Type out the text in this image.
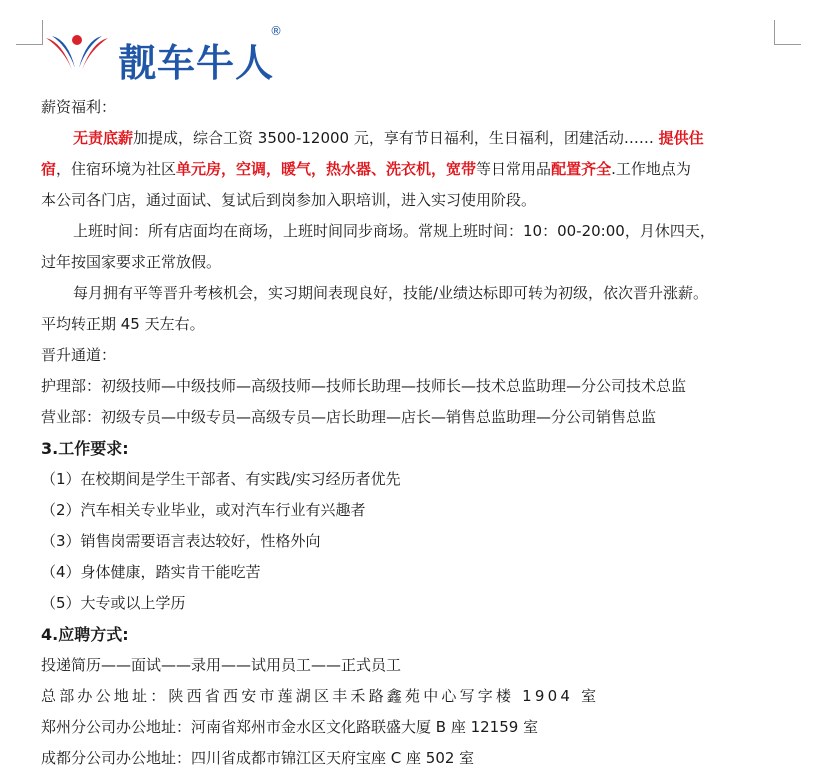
靓车牛人
®
薪资福利：
无责底薪加提成，综合工资 3500-12000 元，享有节日福利，生日福利，团建活动…… 提供住
宿，住宿环境为社区单元房，空调，暖气，热水器、洗衣机，宽带等日常用品配置齐全.工作地点为
本公司各门店，通过面试、复试后到岗参加入职培训，进入实习使用阶段。
上班时间：所有店面均在商场，上班时间同步商场。常规上班时间：10：00-20:00，月休四天，
过年按国家要求正常放假。
每月拥有平等晋升考核机会，实习期间表现良好，技能/业绩达标即可转为初级，依次晋升涨薪。
平均转正期 45 天左右。
晋升通道：
护理部：初级技师—中级技师—高级技师—技师长助理—技师长—技术总监助理—分公司技术总监
营业部：初级专员—中级专员—高级专员—店长助理—店长—销售总监助理—分公司销售总监
3.工作要求:
（1）在校期间是学生干部者、有实践/实习经历者优先
（2）汽车相关专业毕业，或对汽车行业有兴趣者
（3）销售岗需要语言表达较好，性格外向
（4）身体健康，踏实肯干能吃苦
（5）大专或以上学历
4.应聘方式:
投递简历——面试——录用——试用员工——正式员工
总部办公地址：陕西省西安市莲湖区丰禾路鑫苑中心写字楼 1904 室
郑州分公司办公地址：河南省郑州市金水区文化路联盛大厦 B 座 12159 室
成都分公司办公地址：四川省成都市锦江区天府宝座 C 座 502 室
